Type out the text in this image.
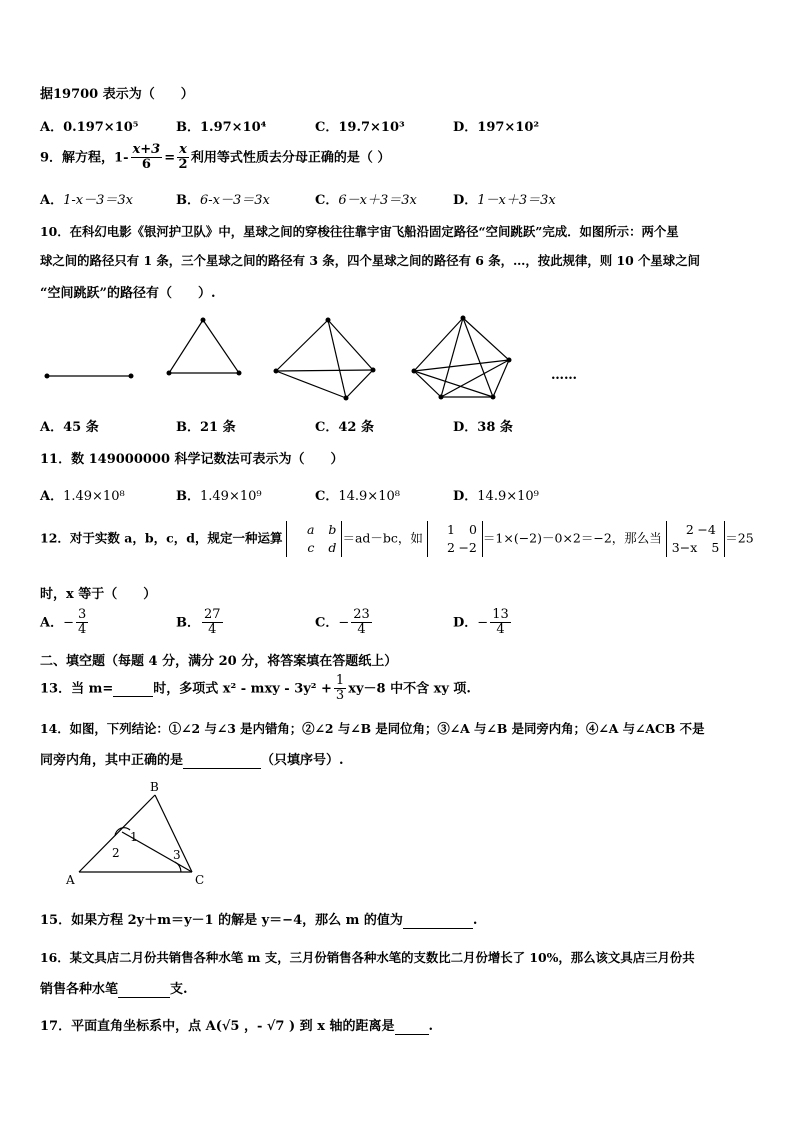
据19700 表示为（　　）
A．0.197×10⁵	B．1.97×10⁴	C．19.7×10³	D．197×10²
9．解方程，$1- \frac{x+3}{6} = \frac{x}{2}$ 利用等式性质去分母正确的是（ ）
A．1-x－3＝3x	B．6-x－3＝3x	C．6－x＋3＝3x	D．1－x＋3＝3x
10．在科幻电影《银河护卫队》中，星球之间的穿梭往往靠宇宙飞船沿固定路径“空间跳跃”完成．如图所示：两个星
球之间的路径只有 1 条，三个星球之间的路径有 3 条，四个星球之间的路径有 6 条，…，按此规律，则 10 个星球之间
“空间跳跃”的路径有（　　）.
……
A．45 条	B．21 条	C．42 条	D．38 条
11．数 149000000 科学记数法可表示为（　　）
A．1.49×10⁸	B．1.49×10⁹	C．14.9×10⁸	D．14.9×10⁹
12．对于实数 a，b，c，d，规定一种运算
a b
c d
＝ad－bc，如
1 0
2 −2
＝1×(−2)－0×2＝−2，那么当
2 −4
3−x 5
＝25
时，x 等于（　　）
A．− $\frac{3}{4}$	B． $\frac{27}{4}$	C．− $\frac{23}{4}$	D．− $\frac{13}{4}$
二、填空题（每题 4 分，满分 20 分，将答案填在答题纸上）
13．当 m=	时，多项式 x² - mxy - $3y^2 + \frac{1}{3} xy-8$ 中不含 xy 项.
14．如图，下列结论：①∠2 与∠3 是内错角；②∠2 与∠B 是同位角；③∠A 与∠B 是同旁内角；④∠A 与∠ACB 不是
同旁内角，其中正确的是	（只填序号）.
B
A	C
1
2	3
15．如果方程 2y＋m＝y－1 的解是 y＝−4，那么 m 的值为	.
16．某文具店二月份共销售各种水笔 m 支，三月份销售各种水笔的支数比二月份增长了 10%，那么该文具店三月份共
销售各种水笔	支.
17．平面直角坐标系中，点 A(√5 ，- √7 ) 到 x 轴的距离是	.
